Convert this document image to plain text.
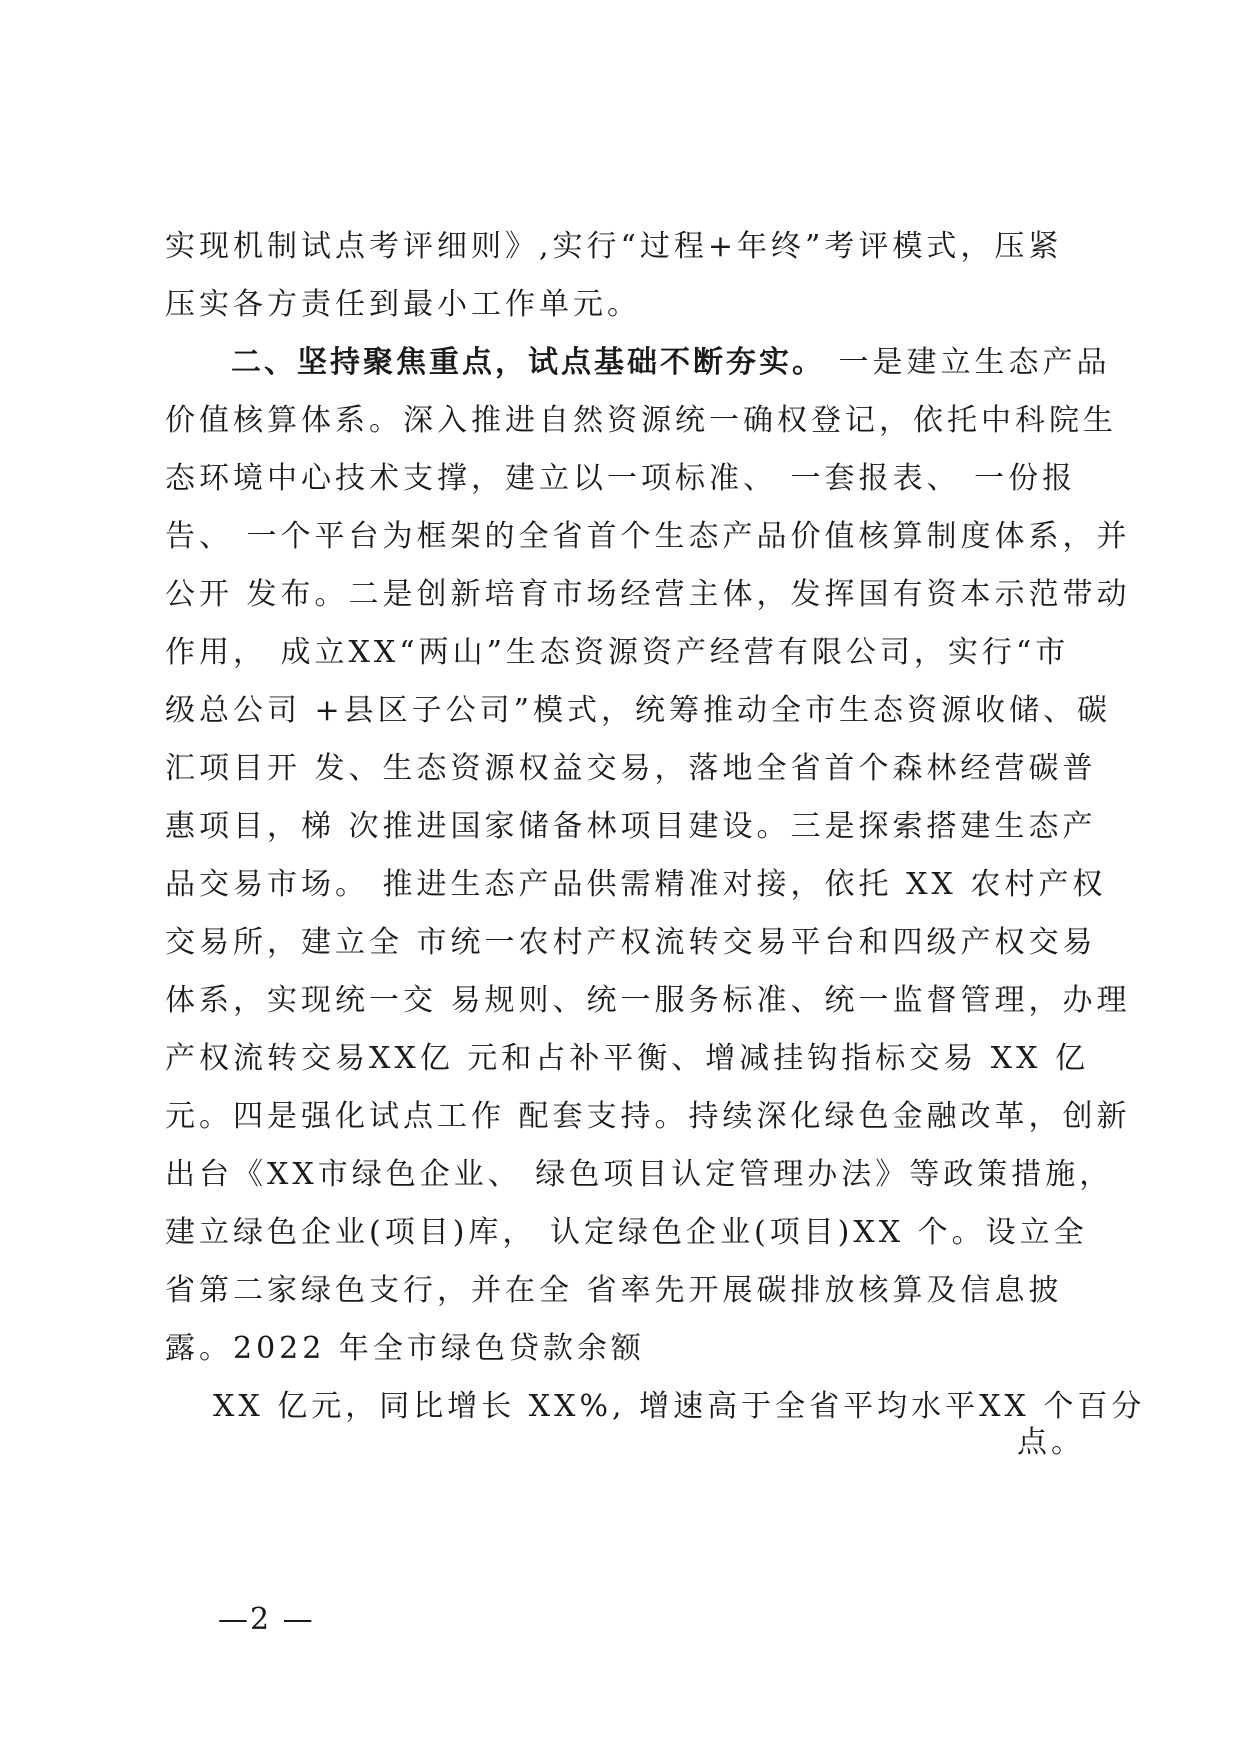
实现机制试点考评细则》,实行“过程+年终”考评模式，压紧
压实各方责任到最小工作单元。
二、坚持聚焦重点，试点基础不断夯实。 一是建立生态产品
价值核算体系。深入推进自然资源统一确权登记，依托中科院生
态环境中心技术支撑，建立以一项标准、 一套报表、 一份报
告、 一个平台为框架的全省首个生态产品价值核算制度体系，并
公开 发布。二是创新培育市场经营主体，发挥国有资本示范带动
作用， 成立XX“两山”生态资源资产经营有限公司，实行“市
级总公司 +县区子公司”模式，统筹推动全市生态资源收储、碳
汇项目开 发、生态资源权益交易，落地全省首个森林经营碳普
惠项目，梯 次推进国家储备林项目建设。三是探索搭建生态产
品交易市场。 推进生态产品供需精准对接，依托 XX 农村产权
交易所，建立全 市统一农村产权流转交易平台和四级产权交易
体系，实现统一交 易规则、统一服务标准、统一监督管理，办理
产权流转交易XX亿 元和占补平衡、增减挂钩指标交易 XX 亿
元。四是强化试点工作 配套支持。持续深化绿色金融改革，创新
出台《XX市绿色企业、 绿色项目认定管理办法》等政策措施，
建立绿色企业(项目)库， 认定绿色企业(项目)XX 个。设立全
省第二家绿色支行，并在全 省率先开展碳排放核算及信息披
露。2022 年全市绿色贷款余额
XX 亿元，同比增长 XX%, 增速高于全省平均水平XX 个百分
点。
—2 —
